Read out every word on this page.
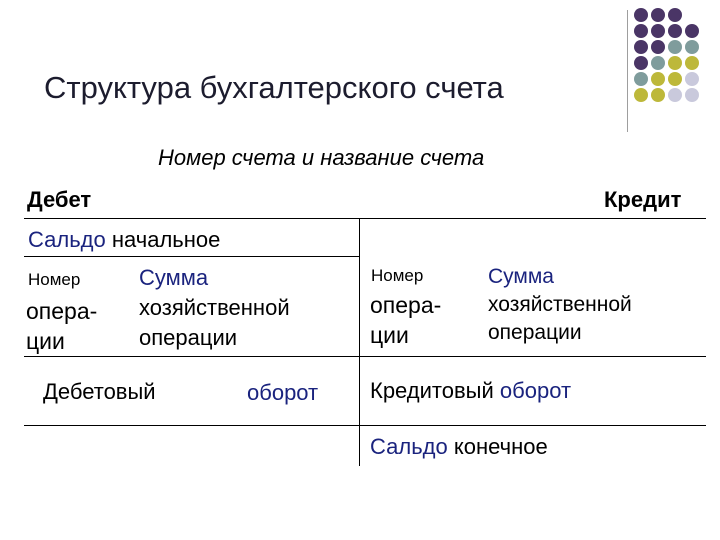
Структура бухгалтерского счета
Номер счета и название счета
Дебет	Кредит
Сальдо начальное
Номер
опера-
ции
Сумма
хозяйственной
операции
Номер
опера-
ции
Сумма
хозяйственной
операции
Дебетовый	оборот Кредитовый оборот
Сальдо конечное
